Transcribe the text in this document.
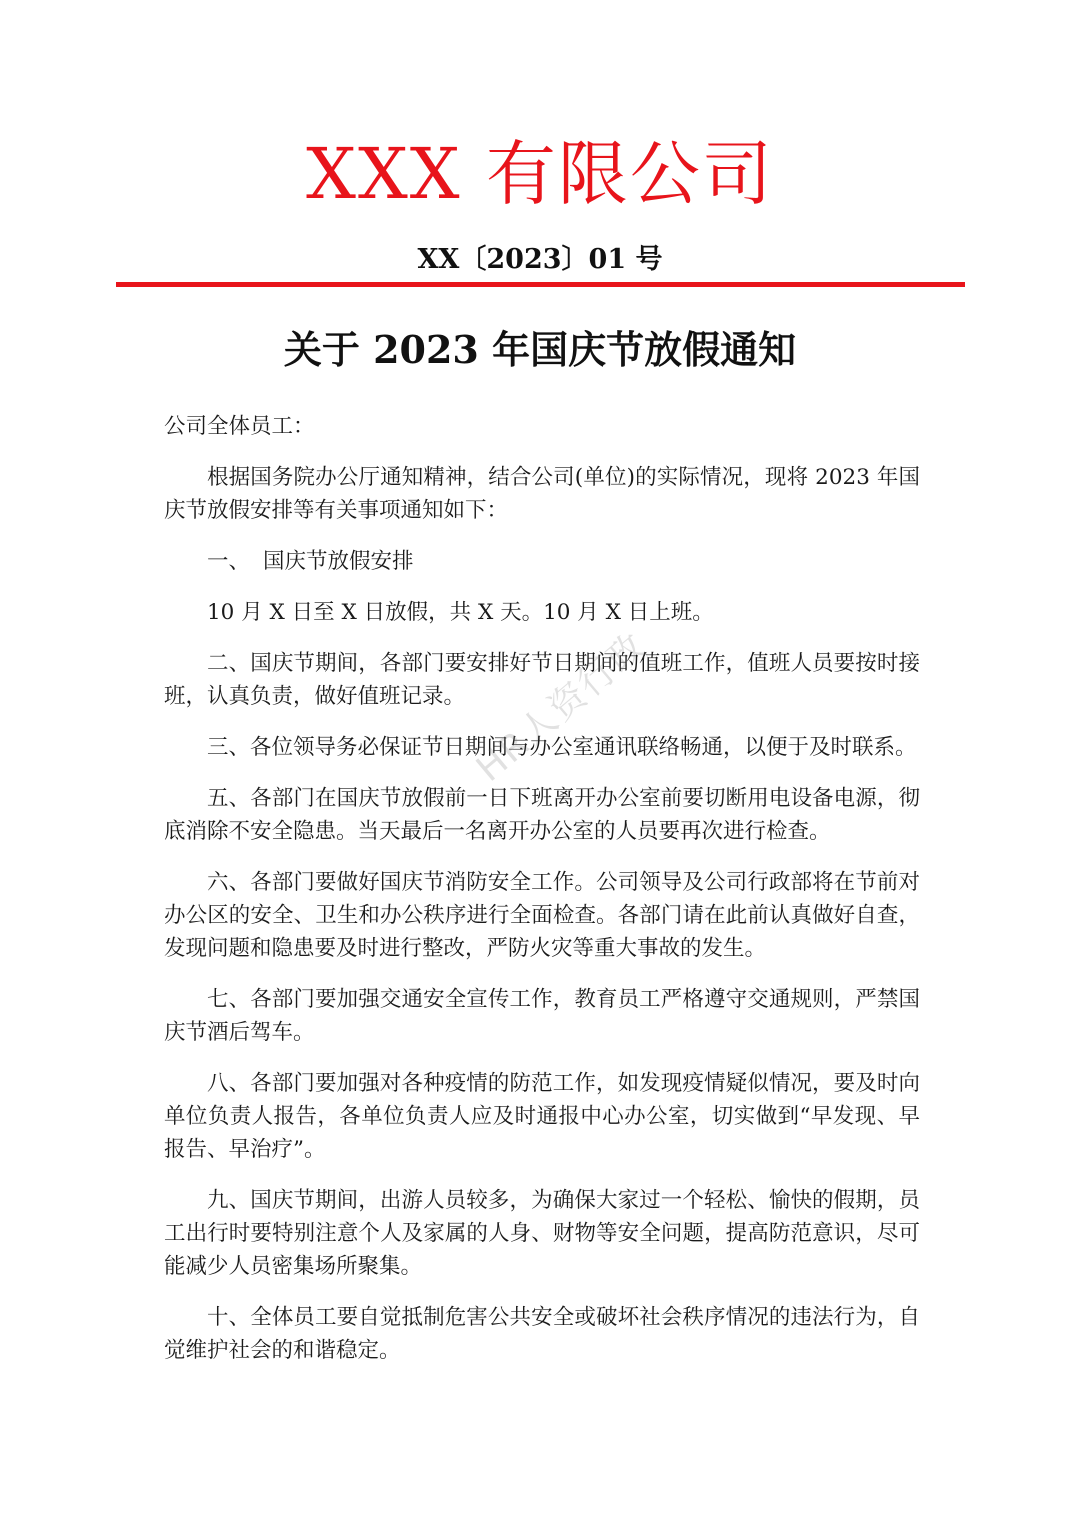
XXX 有限公司
XX〔2023〕01 号
关于 2023 年国庆节放假通知

公司全体员工：

根据国务院办公厅通知精神，结合公司(单位)的实际情况，现将 2023 年国庆节放假安排等有关事项通知如下：

一、 国庆节放假安排

10 月 X 日至 X 日放假，共 X 天。10 月 X 日上班。

二、国庆节期间，各部门要安排好节日期间的值班工作，值班人员要按时接班，认真负责，做好值班记录。

三、各位领导务必保证节日期间与办公室通讯联络畅通，以便于及时联系。

五、各部门在国庆节放假前一日下班离开办公室前要切断用电设备电源，彻底消除不安全隐患。当天最后一名离开办公室的人员要再次进行检查。

六、各部门要做好国庆节消防安全工作。公司领导及公司行政部将在节前对办公区的安全、卫生和办公秩序进行全面检查。各部门请在此前认真做好自查，发现问题和隐患要及时进行整改，严防火灾等重大事故的发生。

七、各部门要加强交通安全宣传工作，教育员工严格遵守交通规则，严禁国庆节酒后驾车。

八、各部门要加强对各种疫情的防范工作，如发现疫情疑似情况，要及时向单位负责人报告，各单位负责人应及时通报中心办公室，切实做到“早发现、早报告、早治疗”。

九、国庆节期间，出游人员较多，为确保大家过一个轻松、愉快的假期，员工出行时要特别注意个人及家属的人身、财物等安全问题，提高防范意识，尽可能减少人员密集场所聚集。

十、全体员工要自觉抵制危害公共安全或破坏社会秩序情况的违法行为，自觉维护社会的和谐稳定。

HR人资行政
